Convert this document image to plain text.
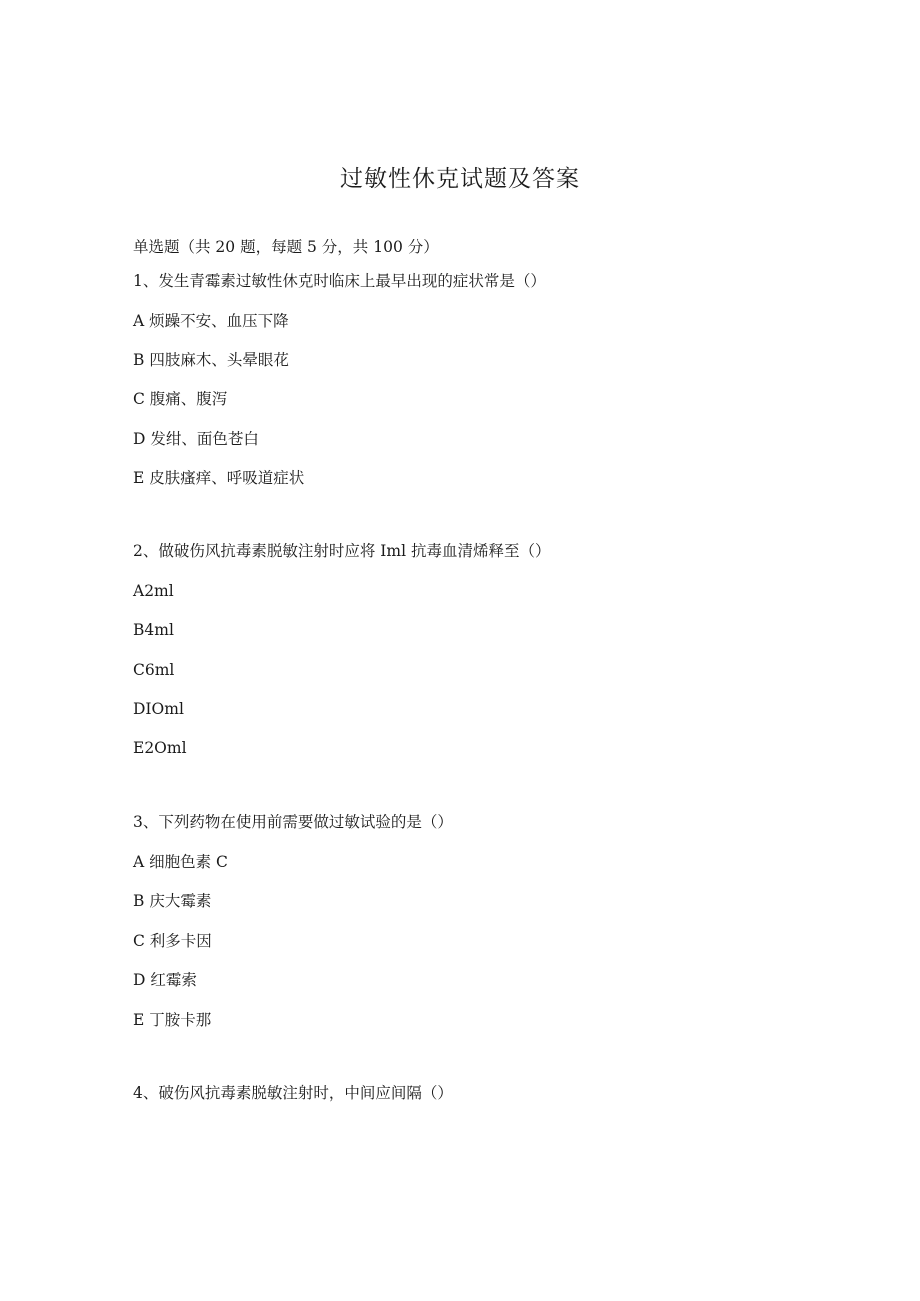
过敏性休克试题及答案
单选题（共 20 题，每题 5 分，共 100 分）
1、发生青霉素过敏性休克时临床上最早出现的症状常是（）
A 烦躁不安、血压下降
B 四肢麻木、头晕眼花
C 腹痛、腹泻
D 发绀、面色苍白
E 皮肤瘙痒、呼吸道症状
2、做破伤风抗毒素脱敏注射时应将 Iml 抗毒血清烯释至（）
A2ml
B4ml
C6ml
DIOml
E2Oml
3、下列药物在使用前需要做过敏试验的是（）
A 细胞色素 C
B 庆大霉素
C 利多卡因
D 红霉索
E 丁胺卡那
4、破伤风抗毒素脱敏注射时，中间应间隔（）
